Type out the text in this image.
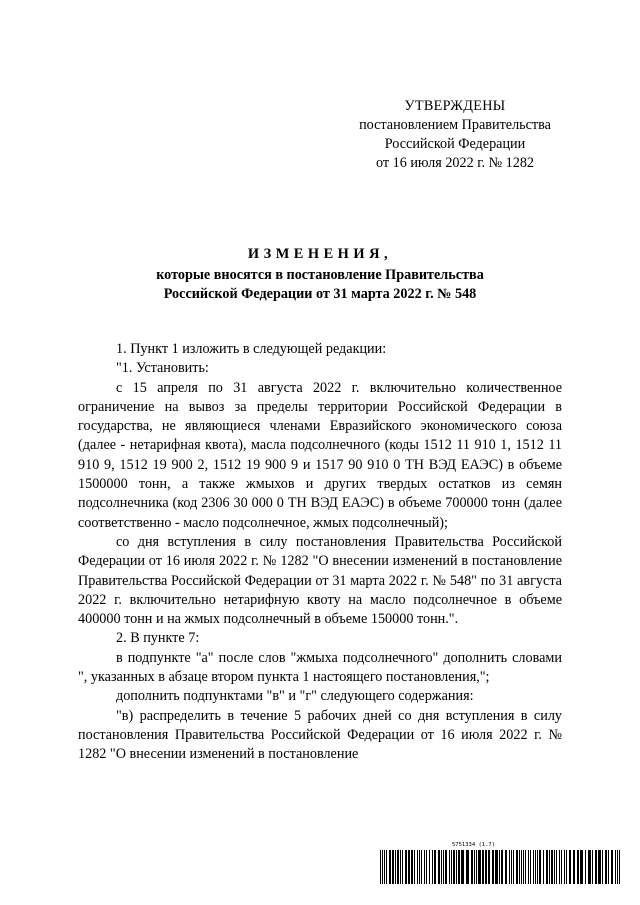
УТВЕРЖДЕНЫ
постановлением Правительства
Российской Федерации
от 16 июля 2022 г. № 1282
ИЗМЕНЕНИЯ,
которые вносятся в постановление Правительства
Российской Федерации от 31 марта 2022 г. № 548

1. Пункт 1 изложить в следующей редакции:

"1. Установить:

с 15 апреля по 31 августа 2022 г. включительно количественное ограничение на вывоз за пределы территории Российской Федерации в государства, не являющиеся членами Евразийского экономического союза (далее - нетарифная квота), масла подсолнечного (коды 1512 11 910 1, 1512 11 910 9, 1512 19 900 2, 1512 19 900 9 и 1517 90 910 0 ТН ВЭД ЕАЭС) в объеме 1500000 тонн, а также жмыхов и других твердых остатков из семян подсолнечника (код 2306 30 000 0 ТН ВЭД ЕАЭС) в объеме 700000 тонн (далее соответственно - масло подсолнечное, жмых подсолнечный);

со дня вступления в силу постановления Правительства Российской Федерации от 16 июля 2022 г. № 1282 "О внесении изменений в постановление Правительства Российской Федерации от 31 марта 2022 г. № 548" по 31 августа 2022 г. включительно нетарифную квоту на масло подсолнечное в объеме 400000 тонн и на жмых подсолнечный в объеме 150000 тонн.".

2. В пункте 7:

в подпункте "а" после слов "жмыха подсолнечного" дополнить словами ", указанных в абзаце втором пункта 1 настоящего постановления,";

дополнить подпунктами "в" и "г" следующего содержания:

"в) распределить в течение 5 рабочих дней со дня вступления в силу постановления Правительства Российской Федерации от 16 июля 2022 г. № 1282 "О внесении изменений в постановление

5751334 (1.7)
